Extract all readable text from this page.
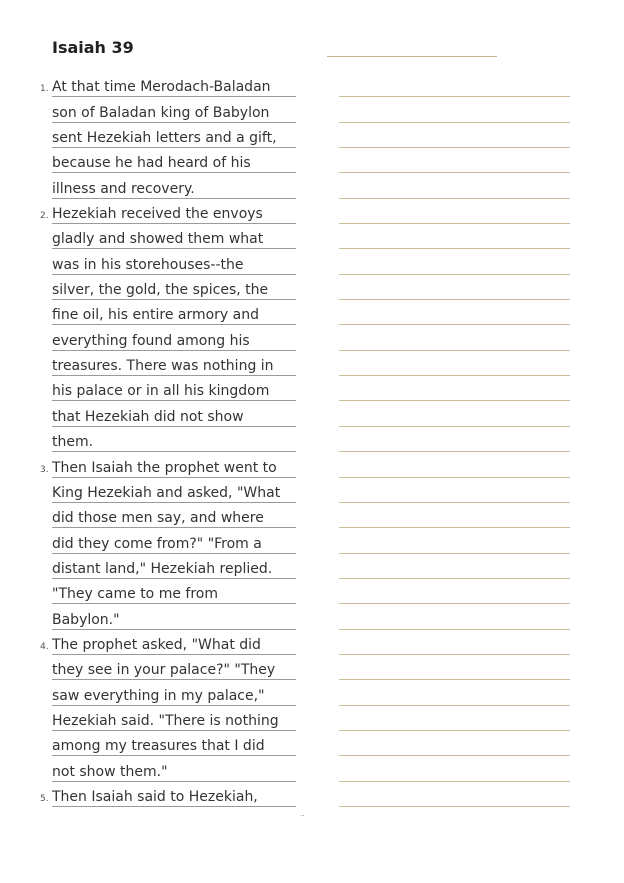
Isaiah 39
1. At that time Merodach-Baladan
son of Baladan king of Babylon
sent Hezekiah letters and a gift,
because he had heard of his
illness and recovery.
2. Hezekiah received the envoys
gladly and showed them what
was in his storehouses--the
silver, the gold, the spices, the
fine oil, his entire armory and
everything found among his
treasures. There was nothing in
his palace or in all his kingdom
that Hezekiah did not show
them.
3. Then Isaiah the prophet went to
King Hezekiah and asked, "What
did those men say, and where
did they come from?" "From a
distant land," Hezekiah replied.
"They came to me from
Babylon."
4. The prophet asked, "What did
they see in your palace?" "They
saw everything in my palace,"
Hezekiah said. "There is nothing
among my treasures that I did
not show them."
5. Then Isaiah said to Hezekiah,
··
